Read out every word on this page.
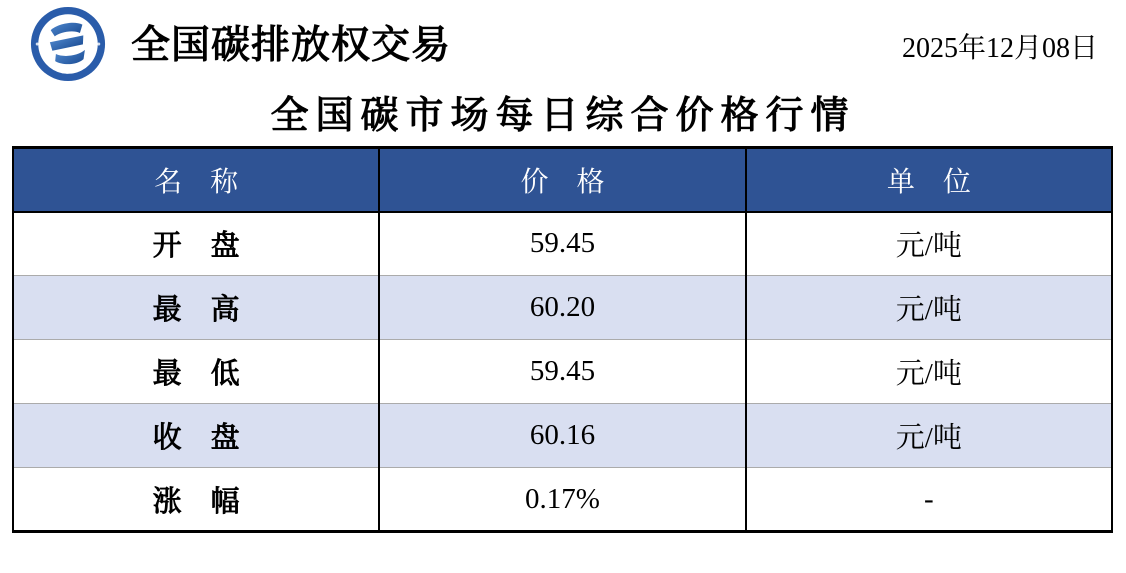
全国碳排放权交易	2025年12月08日
全国碳市场每日综合价格行情
名　称	价　格	单　位
开　盘	59.45	元/吨
最　高	60.20	元/吨
最　低	59.45	元/吨
收　盘	60.16	元/吨
涨　幅	0.17%	-
